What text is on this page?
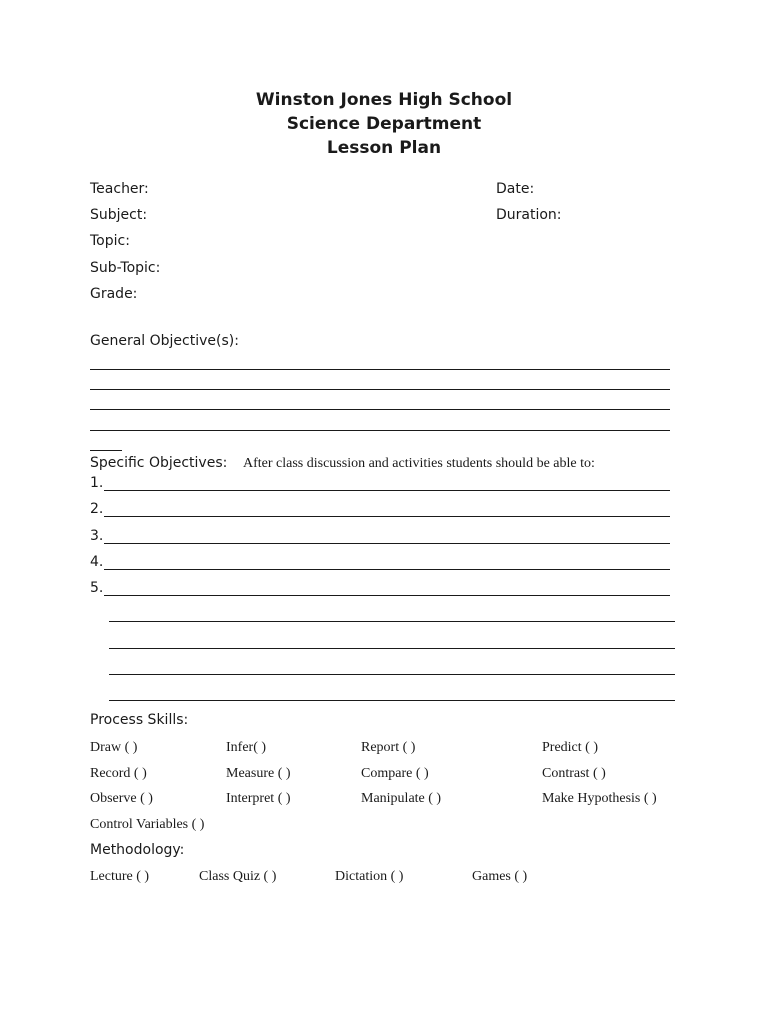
Winston Jones High School
Science Department
Lesson Plan
Teacher:
Subject:
Topic:
Sub-Topic:
Grade:
Date:
Duration:
General Objective(s):
Specific Objectives: After class discussion and activities students should be able to:
1.
2.
3.
4.
5.
Process Skills:
Draw ( )	Infer( )	Report ( )	Predict ( )
Record ( )	Measure ( )	Compare ( )	Contrast ( )
Observe ( )	Interpret ( )	Manipulate ( )	Make Hypothesis ( )
Control Variables ( )
Methodology:
Lecture ( )	Class Quiz ( )	Dictation ( )	Games ( )
